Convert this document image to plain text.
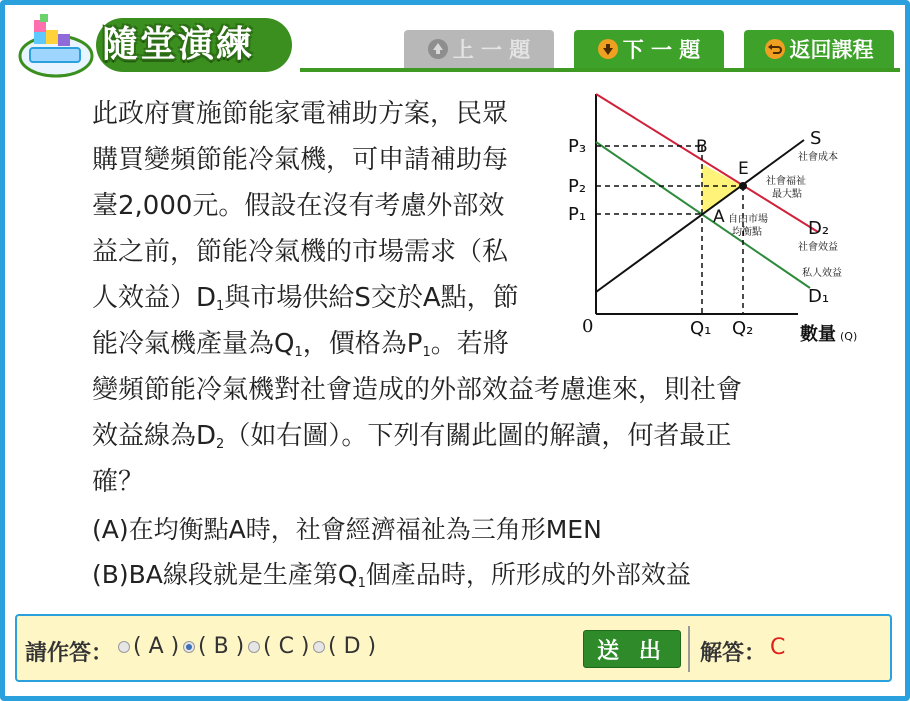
隨堂演練	上 一 題	下 一 題	返回課程
此政府實施節能家電補助方案，民眾
購買變頻節能冷氣機，可申請補助每
臺2,000元。假設在沒有考慮外部效
益之前，節能冷氣機的市場需求（私
人效益）$D_1$與市場供給S交於A點，節
能冷氣機產量為$Q_1$，價格為$P_1$。若將
變頻節能冷氣機對社會造成的外部效益考慮進來，則社會
效益線為$D_2$（如右圖）。下列有關此圖的解讀，何者最正
確？
(A)在均衡點A時，社會經濟福祉為三角形MEN
(B)BA線段就是生產第$Q_1$個產品時，所形成的外部效益
P₃
P₂
P₁
0	Q₁ Q₂	數量 (Q)
B
E
A
S
社會成本
社會福祉
最大點
自由市場
均衡點	D₂
社會效益
私人效益
D₁
請作答： ( A ) ( B ) ( C ) ( D )	送 出	解答： C
